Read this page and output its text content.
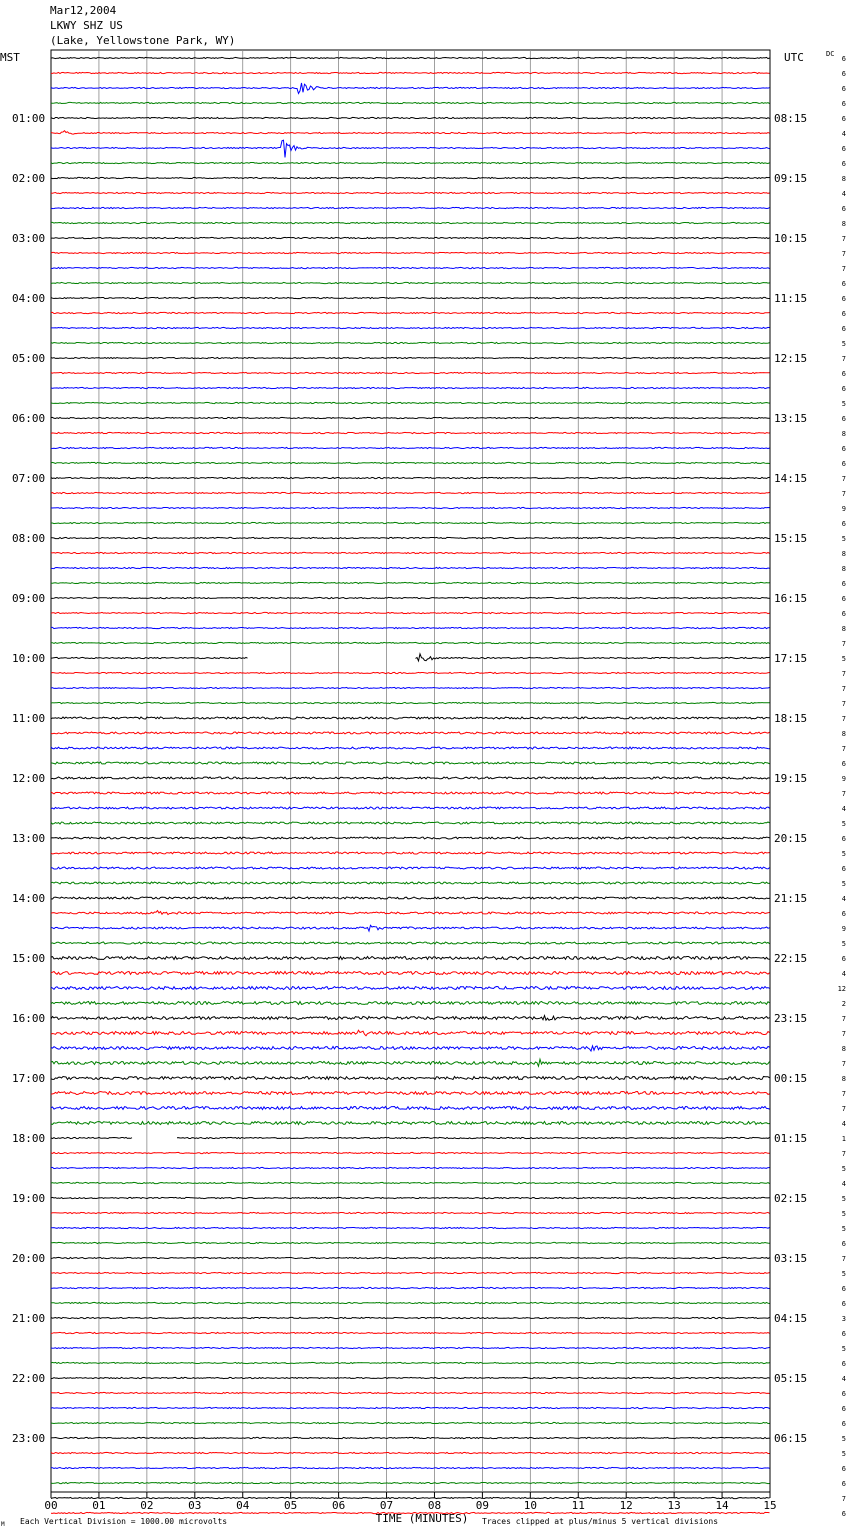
Mar12,2004
LKWY SHZ US
(Lake, Yellowstone Park, WY)
MST	UTC	DC
01:00
02:00
03:00
04:00
05:00
06:00
07:00
08:00
09:00
10:00
11:00
12:00
13:00
14:00
15:00
16:00
17:00
18:00
19:00
20:00
21:00
22:00
23:00
08:15
09:15
10:15
11:15
12:15
13:15
14:15
15:15
16:15
17:15
18:15
19:15
20:15
21:15
22:15
23:15
00:15
01:15
02:15
03:15
04:15
05:15
06:15
6
6
6
6
6
4
6
6
8
4
6
8
7
7
7
6
6
6
6
5
7
6
6
5
6
8
6
6
7
7
9
6
5
8
8
6
6
6
8
7
5
7
7
7
7
8
7
6
9
7
4
5
6
5
6
5
4
6
9
5
6
4
12
2
7
7
8
7
8
7
7
4
1
7
5
4
5
5
5
6
7
5
6
6
3
6
5
6
4
6
6
6
5
5
6
6
7
6
00	01	02	03	04	05	06	07	08	09	10	11	12	13	14	15
TIME (MINUTES)
Each Vertical Division = 1000.00 microvolts	Traces clipped at plus/minus 5 vertical divisions
M
